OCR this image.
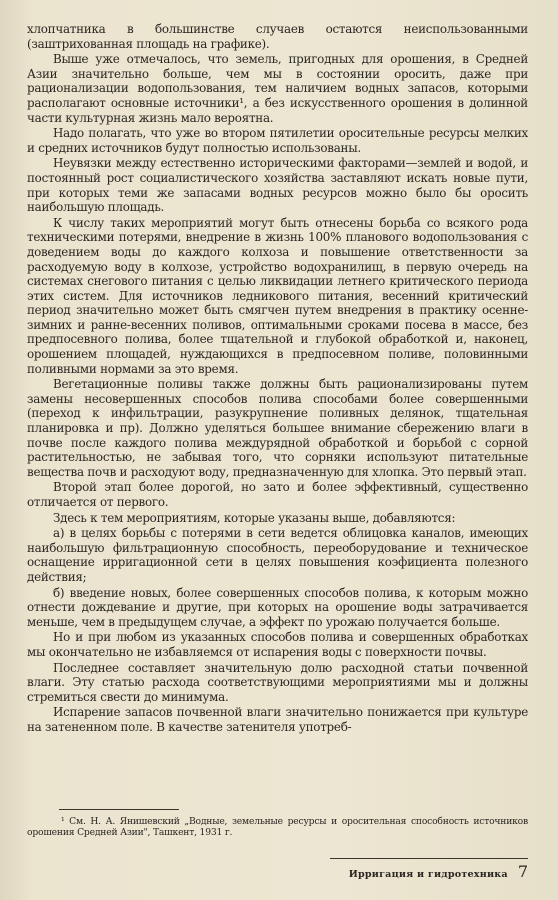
хлопчатника в большинстве случаев остаются неиспользованными (заштрихованная площадь на графике).

Выше уже отмечалось, что земель, пригодных для орошения, в Средней Азии значительно больше, чем мы в состоянии оросить, даже при рационализации водопользования, тем наличием водных запасов, которыми располагают основные источники¹, а без искусственного орошения в долинной части культурная жизнь мало вероятна.

Надо полагать, что уже во втором пятилетии оросительные ресурсы мелких и средних источников будут полностью использованы.

Неувязки между естественно историческими факторами—землей и водой, и постоянный рост социалистического хозяйства заставляют искать новые пути, при которых теми же запасами водных ресурсов можно было бы оросить наибольшую площадь.

К числу таких мероприятий могут быть отнесены борьба со всякого рода техническими потерями, внедрение в жизнь 100% планового водопользования с доведением воды до каждого колхоза и повышение ответственности за расходуемую воду в колхозе, устройство водохранилищ, в первую очередь на системах снегового питания с целью ликвидации летнего критического периода этих систем. Для источников ледникового питания, весенний критический период значительно может быть смягчен путем внедрения в практику осенне-зимних и ранне-весенних поливов, оптимальными сроками посева в массе, без предпосевного полива, более тщательной и глубокой обработкой и, наконец, орошением площадей, нуждающихся в предпосевном поливе, половинными поливными нормами за это время.

Вегетационные поливы также должны быть рационализированы путем замены несовершенных способов полива способами более совершенными (переход к инфильтрации, разукрупнение поливных делянок, тщательная планировка и пр). Должно уделяться большее внимание сбережению влаги в почве после каждого полива междурядной обработкой и борьбой с сорной растительностью, не забывая того, что сорняки используют питательные вещества почв и расходуют воду, предназначенную для хлопка. Это первый этап.

Второй этап более дорогой, но зато и более эффективный, существенно отличается от первого.

Здесь к тем мероприятиям, которые указаны выше, добавляются:

а) в целях борьбы с потерями в сети ведется облицовка каналов, имеющих наибольшую фильтрационную способность, переоборудование и техническое оснащение ирригационной сети в целях повышения коэфициента полезного действия;

б) введение новых, более совершенных способов полива, к которым можно отнести дождевание и другие, при которых на орошение воды затрачивается меньше, чем в предыдущем случае, а эффект по урожаю получается больше.

Но и при любом из указанных способов полива и совершенных обработках мы окончательно не избавляемся от испарения воды с поверхности почвы.

Последнее составляет значительную долю расходной статьи почвенной влаги. Эту статью расхода соответствующими мероприятиями мы и должны стремиться свести до минимума.

Испарение запасов почвенной влаги значительно понижается при культуре на затененном поле. В качестве затенителя употреб-

¹ См. Н. А. Янишевский „Водные, земельные ресурсы и оросительная способность источников орошения Средней Азии", Ташкент, 1931 г.

Ирригация и гидротехника 7
